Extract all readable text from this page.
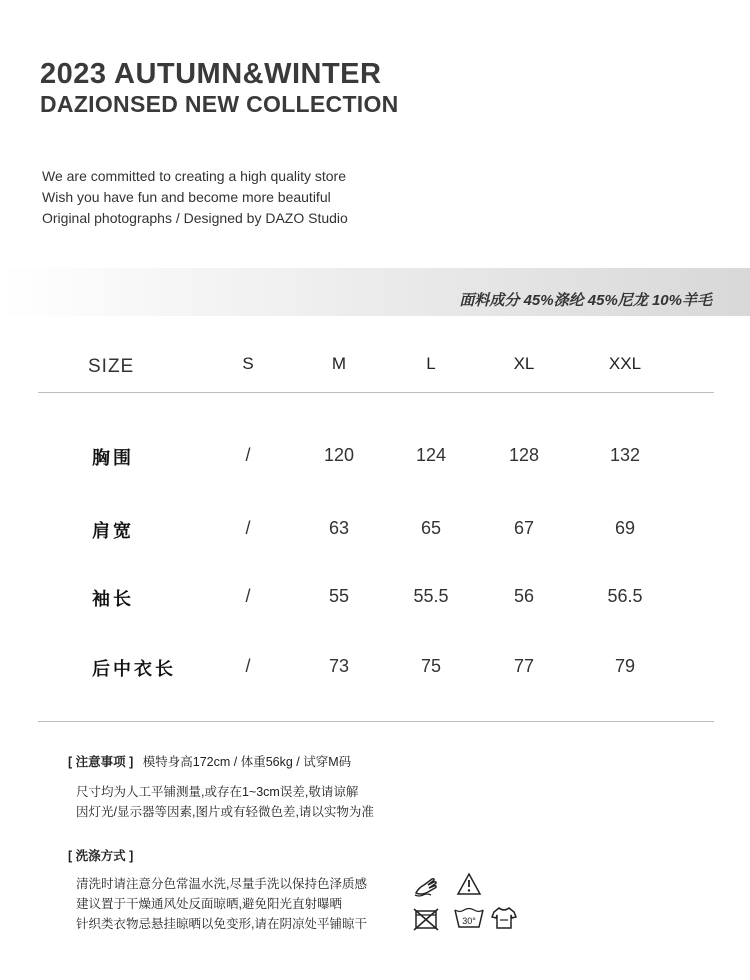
2023 AUTUMN&WINTER
DAZIONSED NEW COLLECTION
We are committed to creating a high quality store
Wish you have fun and become more beautiful
Original photographs / Designed by DAZO Studio
面料成分 45%涤纶 45%尼龙 10%羊毛
SIZE	S	M	L	XL	XXL
胸围	/	120	124	128	132
肩宽	/	63	65	67	69
袖长	/	55	55.5	56	56.5
后中衣长	/	73	75	77	79
[ 注意事项 ] 模特身高172cm / 体重56kg / 试穿M码
尺寸均为人工平铺测量,或存在1~3cm误差,敬请谅解
因灯光/显示器等因素,图片或有轻微色差,请以实物为准
[ 洗涤方式 ]
清洗时请注意分色常温水洗,尽量手洗以保持色泽质感
建议置于干燥通风处反面晾晒,避免阳光直射曝晒
针织类衣物忌悬挂晾晒以免变形,请在阴凉处平铺晾干	30°
